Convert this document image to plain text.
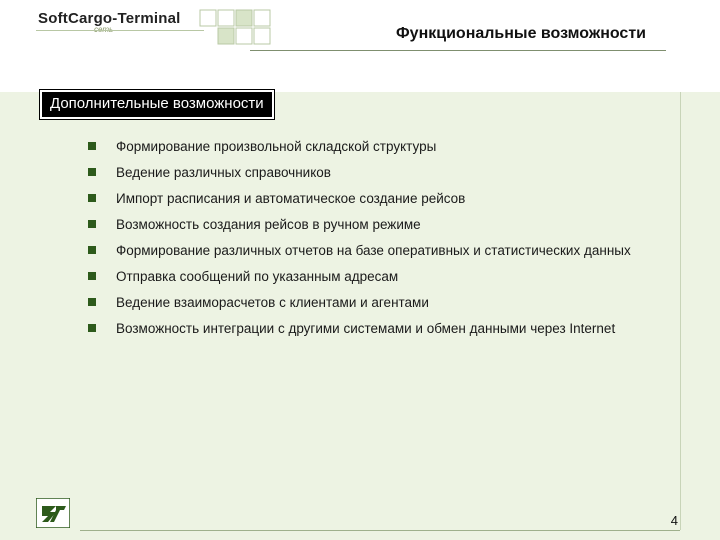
SoftCargo-Terminal
Функциональные возможности
Дополнительные возможности
Формирование произвольной складской структуры
Ведение различных справочников
Импорт расписания и автоматическое создание рейсов
Возможность создания рейсов в ручном режиме
Формирование различных отчетов на базе оперативных и статистических данных
Отправка сообщений по указанным адресам
Ведение взаиморасчетов с клиентами и агентами
Возможность интеграции с другими системами и обмен данными через Internet
4
